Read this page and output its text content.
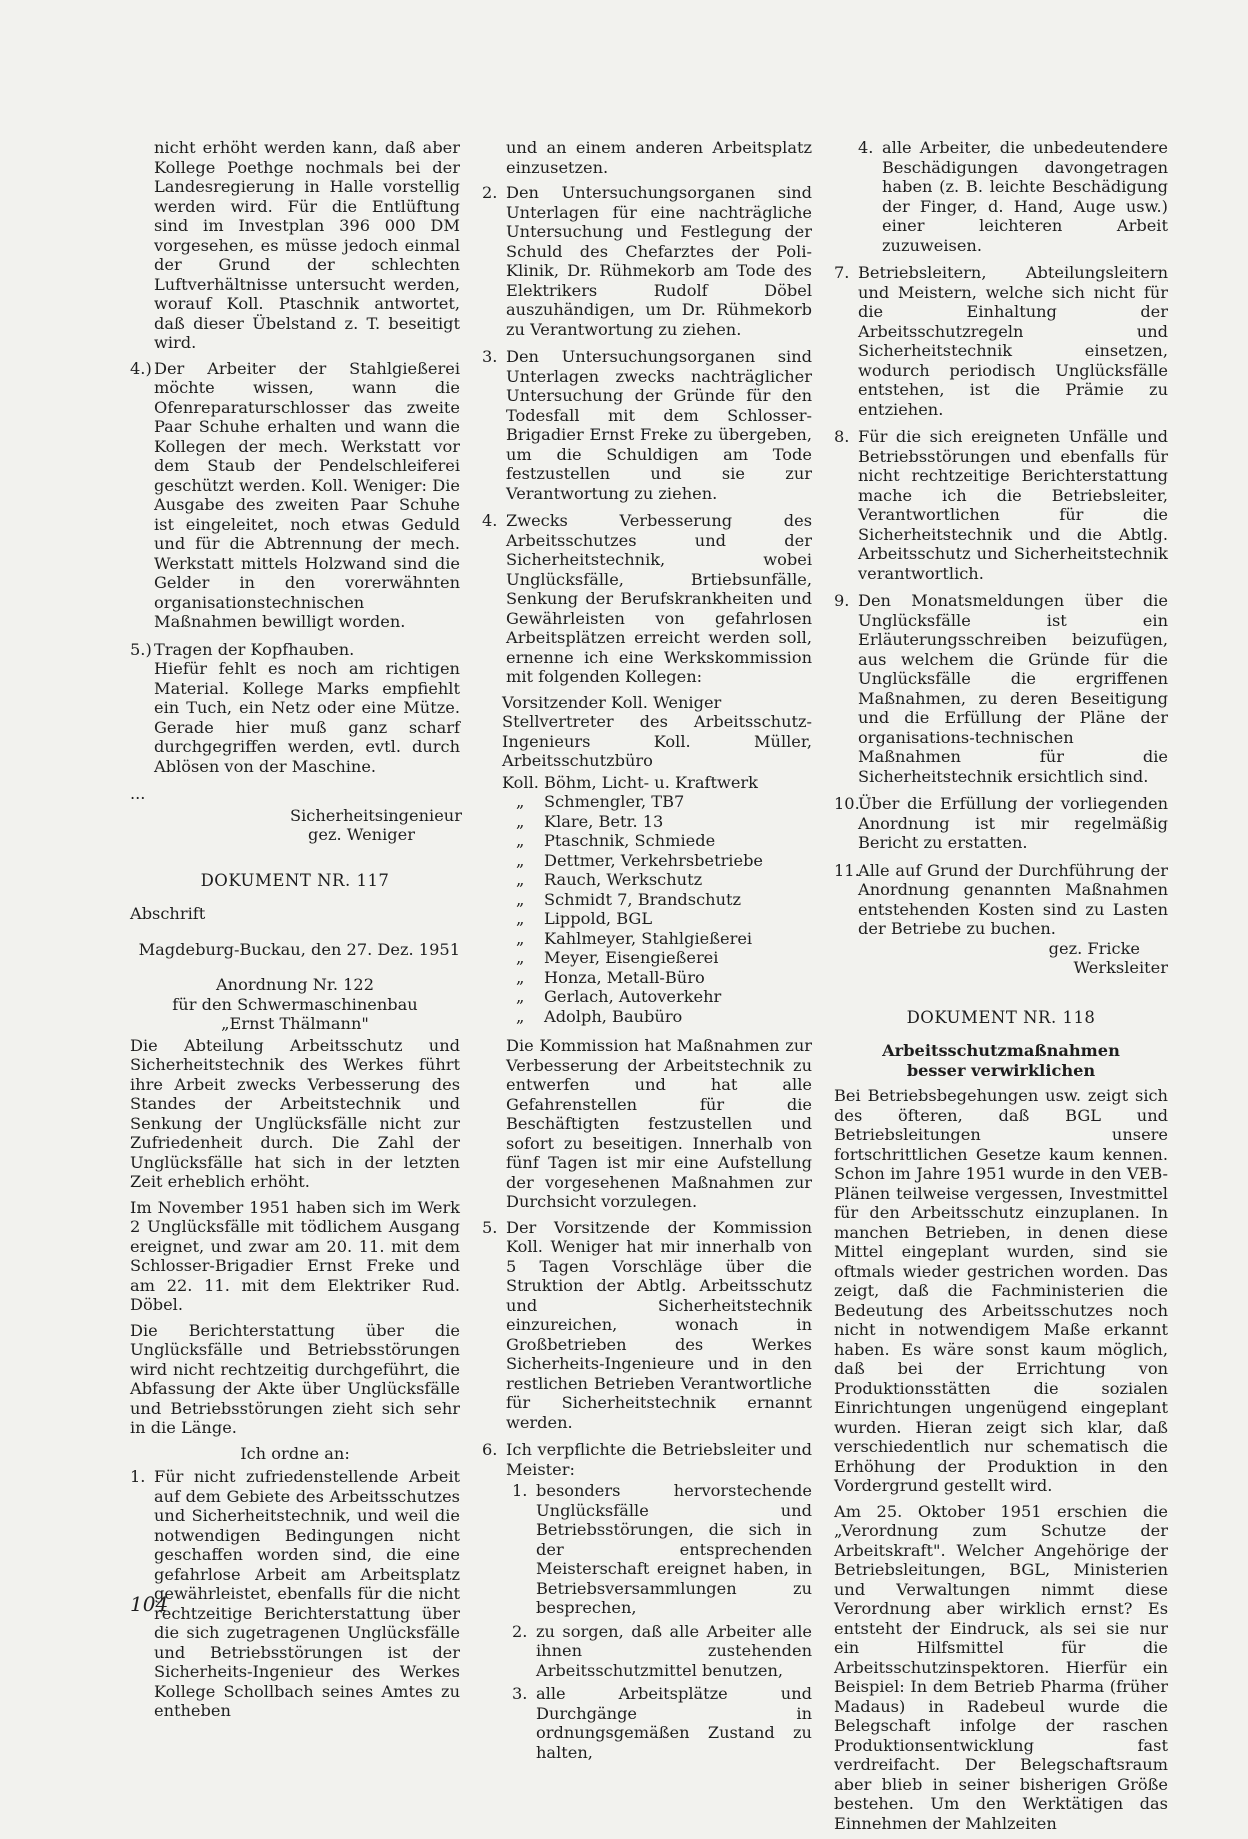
nicht erhöht werden kann, daß aber Kollege Poethge nochmals bei der Landesregierung in Halle vorstellig werden wird. Für die Entlüftung sind im Investplan 396 000 DM vorgesehen, es müsse jedoch einmal der Grund der schlechten Luftverhältnisse untersucht werden, worauf Koll. Ptaschnik antwortet, daß dieser Übelstand z. T. beseitigt wird.

4.) Der Arbeiter der Stahlgießerei möchte wissen, wann die Ofenreparaturschlosser das zweite Paar Schuhe erhalten und wann die Kollegen der mech. Werkstatt vor dem Staub der Pendelschleiferei geschützt werden. Koll. Weniger: Die Ausgabe des zweiten Paar Schuhe ist eingeleitet, noch etwas Geduld und für die Abtrennung der mech. Werkstatt mittels Holzwand sind die Gelder in den vorerwähnten organisationstechnischen Maßnahmen bewilligt worden.
5.) Tragen der Kopfhauben.
Hiefür fehlt es noch am richtigen Material. Kollege Marks empfiehlt ein Tuch, ein Netz oder eine Mütze. Gerade hier muß ganz scharf durchgegriffen werden, evtl. durch Ablösen von der Maschine.

...

Sicherheitsingenieur

gez. Weniger

DOKUMENT NR. 117

Abschrift

Magdeburg-Buckau, den 27. Dez. 1951

Anordnung Nr. 122

für den Schwermaschinenbau

„Ernst Thälmann"

Die Abteilung Arbeitsschutz und Sicherheitstechnik des Werkes führt ihre Arbeit zwecks Verbesserung des Standes der Arbeitstechnik und Senkung der Unglücksfälle nicht zur Zufriedenheit durch. Die Zahl der Unglücksfälle hat sich in der letzten Zeit erheblich erhöht.

Im November 1951 haben sich im Werk 2 Unglücksfälle mit tödlichem Ausgang ereignet, und zwar am 20. 11. mit dem Schlosser-Brigadier Ernst Freke und am 22. 11. mit dem Elektriker Rud. Döbel.

Die Berichterstattung über die Unglücksfälle und Betriebsstörungen wird nicht rechtzeitig durchgeführt, die Abfassung der Akte über Unglücksfälle und Betriebsstörungen zieht sich sehr in die Länge.

Ich ordne an:

1. Für nicht zufriedenstellende Arbeit auf dem Gebiete des Arbeitsschutzes und Sicherheitstechnik, und weil die notwendigen Bedingungen nicht geschaffen worden sind, die eine gefahrlose Arbeit am Arbeitsplatz gewährleistet, ebenfalls für die nicht rechtzeitige Berichterstattung über die sich zugetragenen Unglücksfälle und Betriebsstörungen ist der Sicherheits-Ingenieur des Werkes Kollege Schollbach seines Amtes zu entheben

und an einem anderen Arbeitsplatz einzusetzen.

2. Den Untersuchungsorganen sind Unterlagen für eine nachträgliche Untersuchung und Festlegung der Schuld des Chefarztes der Poli-Klinik, Dr. Rühmekorb am Tode des Elektrikers Rudolf Döbel auszuhändigen, um Dr. Rühmekorb zu Verantwortung zu ziehen.
3. Den Untersuchungsorganen sind Unterlagen zwecks nachträglicher Untersuchung der Gründe für den Todesfall mit dem Schlosser-Brigadier Ernst Freke zu übergeben, um die Schuldigen am Tode festzustellen und sie zur Verantwortung zu ziehen.
4. Zwecks Verbesserung des Arbeitsschutzes und der Sicherheitstechnik, wobei Unglücksfälle, Brtiebsunfälle, Senkung der Berufskrankheiten und Gewährleisten von gefahrlosen Arbeitsplätzen erreicht werden soll, ernenne ich eine Werkskommission mit folgenden Kollegen:

Vorsitzender Koll. Weniger

Stellvertreter des Arbeitsschutz-Ingenieurs Koll. Müller, Arbeitsschutzbüro

Koll. Böhm, Licht- u. Kraftwerk

„ Schmengler, TB7

„ Klare, Betr. 13

„ Ptaschnik, Schmiede

„ Dettmer, Verkehrsbetriebe

„ Rauch, Werkschutz

„ Schmidt 7, Brandschutz

„ Lippold, BGL

„ Kahlmeyer, Stahlgießerei

„ Meyer, Eisengießerei

„ Honza, Metall-Büro

„ Gerlach, Autoverkehr

„ Adolph, Baubüro

Die Kommission hat Maßnahmen zur Verbesserung der Arbeitstechnik zu entwerfen und hat alle Gefahrenstellen für die Beschäftigten festzustellen und sofort zu beseitigen. Innerhalb von fünf Tagen ist mir eine Aufstellung der vorgesehenen Maßnahmen zur Durchsicht vorzulegen.

5. Der Vorsitzende der Kommission Koll. Weniger hat mir innerhalb von 5 Tagen Vorschläge über die Struktion der Abtlg. Arbeitsschutz und Sicherheitstechnik einzureichen, wonach in Großbetrieben des Werkes Sicherheits-Ingenieure und in den restlichen Betrieben Verantwortliche für Sicherheitstechnik ernannt werden.
6. Ich verpflichte die Betriebsleiter und Meister:
1. besonders hervorstechende Unglücksfälle und Betriebsstörungen, die sich in der entsprechenden Meisterschaft ereignet haben, in Betriebsversammlungen zu besprechen,
2. zu sorgen, daß alle Arbeiter alle ihnen zustehenden Arbeitsschutzmittel benutzen,
3. alle Arbeitsplätze und Durchgänge in ordnungsgemäßen Zustand zu halten,
4. alle Arbeiter, die unbedeutendere Beschädigungen davongetragen haben (z. B. leichte Beschädigung der Finger, d. Hand, Auge usw.) einer leichteren Arbeit zuzuweisen.
7. Betriebsleitern, Abteilungsleitern und Meistern, welche sich nicht für die Einhaltung der Arbeitsschutzregeln und Sicherheitstechnik einsetzen, wodurch periodisch Unglücksfälle entstehen, ist die Prämie zu entziehen.
8. Für die sich ereigneten Unfälle und Betriebsstörungen und ebenfalls für nicht rechtzeitige Berichterstattung mache ich die Betriebsleiter, Verantwortlichen für die Sicherheitstechnik und die Abtlg. Arbeitsschutz und Sicherheitstechnik verantwortlich.
9. Den Monatsmeldungen über die Unglücksfälle ist ein Erläuterungsschreiben beizufügen, aus welchem die Gründe für die Unglücksfälle die ergriffenen Maßnahmen, zu deren Beseitigung und die Erfüllung der Pläne der organisations-technischen Maßnahmen für die Sicherheitstechnik ersichtlich sind.
10.
Über die Erfüllung der vorliegenden Anordnung ist mir regelmäßig Bericht zu erstatten.
11.
Alle auf Grund der Durchführung der Anordnung genannten Maßnahmen entstehenden Kosten sind zu Lasten der Betriebe zu buchen.

gez. Fricke

Werksleiter

DOKUMENT NR. 118

Arbeitsschutzmaßnahmen

besser verwirklichen

Bei Betriebsbegehungen usw. zeigt sich des öfteren, daß BGL und Betriebsleitungen unsere fortschrittlichen Gesetze kaum kennen. Schon im Jahre 1951 wurde in den VEB-Plänen teilweise vergessen, Investmittel für den Arbeitsschutz einzuplanen. In manchen Betrieben, in denen diese Mittel eingeplant wurden, sind sie oftmals wieder gestrichen worden. Das zeigt, daß die Fachministerien die Bedeutung des Arbeitsschutzes noch nicht in notwendigem Maße erkannt haben. Es wäre sonst kaum möglich, daß bei der Errichtung von Produktionsstätten die sozialen Einrichtungen ungenügend eingeplant wurden. Hieran zeigt sich klar, daß verschiedentlich nur schematisch die Erhöhung der Produktion in den Vordergrund gestellt wird.

Am 25. Oktober 1951 erschien die „Verordnung zum Schutze der Arbeitskraft". Welcher Angehörige der Betriebsleitungen, BGL, Ministerien und Verwaltungen nimmt diese Verordnung aber wirklich ernst? Es entsteht der Eindruck, als sei sie nur ein Hilfsmittel für die Arbeitsschutzinspektoren. Hierfür ein Beispiel: In dem Betrieb Pharma (früher Madaus) in Radebeul wurde die Belegschaft infolge der raschen Produktionsentwicklung fast verdreifacht. Der Belegschaftsraum aber blieb in seiner bisherigen Größe bestehen. Um den Werktätigen das Einnehmen der Mahlzeiten

104
